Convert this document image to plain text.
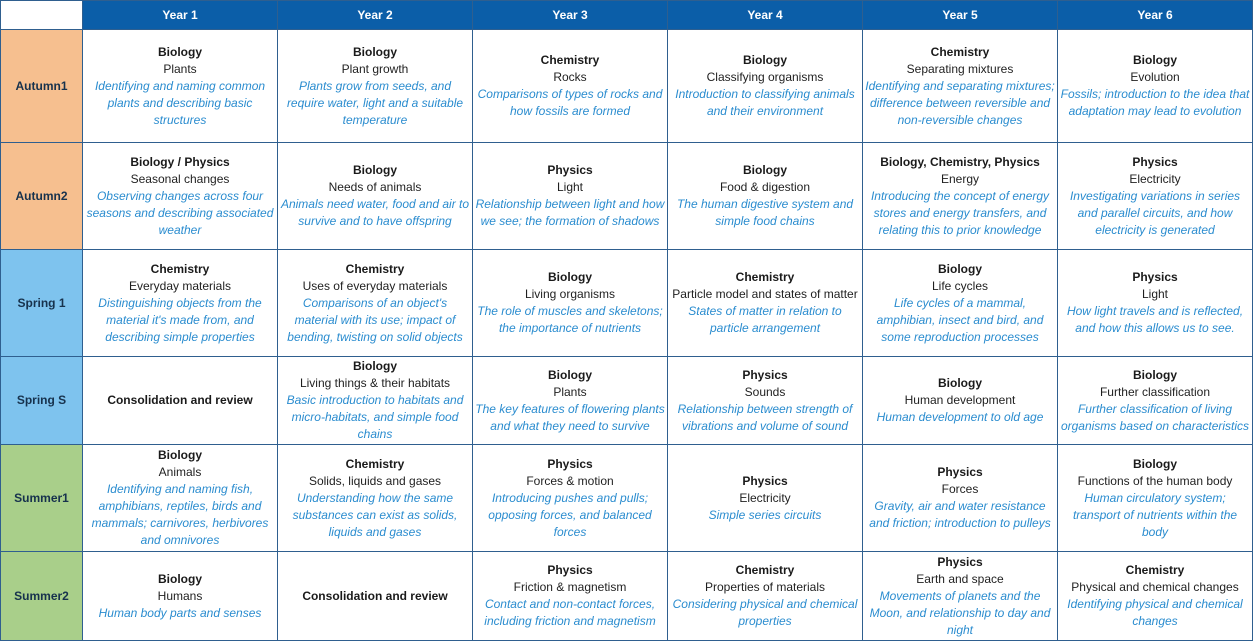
	Year 1	Year 2	Year 3	Year 4	Year 5	Year 6
Autumn1	Biology
Plants
Identifying and naming common plants and describing basic structures	Biology
Plant growth
Plants grow from seeds, and require water, light and a suitable temperature	Chemistry
Rocks
Comparisons of types of rocks and how fossils are formed	Biology
Classifying organisms
Introduction to classifying animals and their environment	Chemistry
Separating mixtures
Identifying and separating mixtures; difference between reversible and non-reversible changes	Biology
Evolution
Fossils; introduction to the idea that adaptation may lead to evolution

Autumn2	Biology / Physics
Seasonal changes
Observing changes across four seasons and describing associated weather	Biology
Needs of animals
Animals need water, food and air to survive and to have offspring	Physics
Light
Relationship between light and how we see; the formation of shadows	Biology
Food & digestion
The human digestive system and simple food chains	Biology, Chemistry, Physics
Energy
Introducing the concept of energy stores and energy transfers, and relating this to prior knowledge	Physics
Electricity
Investigating variations in series and parallel circuits, and how electricity is generated

Spring 1	Chemistry
Everyday materials
Distinguishing objects from the material it's made from, and describing simple properties	Chemistry
Uses of everyday materials
Comparisons of an object's material with its use; impact of bending, twisting on solid objects	Biology
Living organisms
The role of muscles and skeletons; the importance of nutrients	Chemistry
Particle model and states of matter
States of matter in relation to particle arrangement	Biology
Life cycles
Life cycles of a mammal, amphibian, insect and bird, and some reproduction processes	Physics
Light
How light travels and is reflected, and how this allows us to see.

Spring S	Consolidation and review	Biology
Living things & their habitats
Basic introduction to habitats and micro-habitats, and simple food chains	Biology
Plants
The key features of flowering plants and what they need to survive	Physics
Sounds
Relationship between strength of vibrations and volume of sound	Biology
Human development
Human development to old age	Biology
Further classification
Further classification of living organisms based on characteristics

Summer1	Biology
Animals
Identifying and naming fish, amphibians, reptiles, birds and mammals; carnivores, herbivores and omnivores	Chemistry
Solids, liquids and gases
Understanding how the same substances can exist as solids, liquids and gases	Physics
Forces & motion
Introducing pushes and pulls; opposing forces, and balanced forces	Physics
Electricity
Simple series circuits	Physics
Forces
Gravity, air and water resistance and friction; introduction to pulleys	Biology
Functions of the human body
Human circulatory system; transport of nutrients within the body

Summer2	Biology
Humans
Human body parts and senses	Consolidation and review	Physics
Friction & magnetism
Contact and non-contact forces, including friction and magnetism	Chemistry
Properties of materials
Considering physical and chemical properties	Physics
Earth and space
Movements of planets and the Moon, and relationship to day and night	Chemistry
Physical and chemical changes
Identifying physical and chemical changes
